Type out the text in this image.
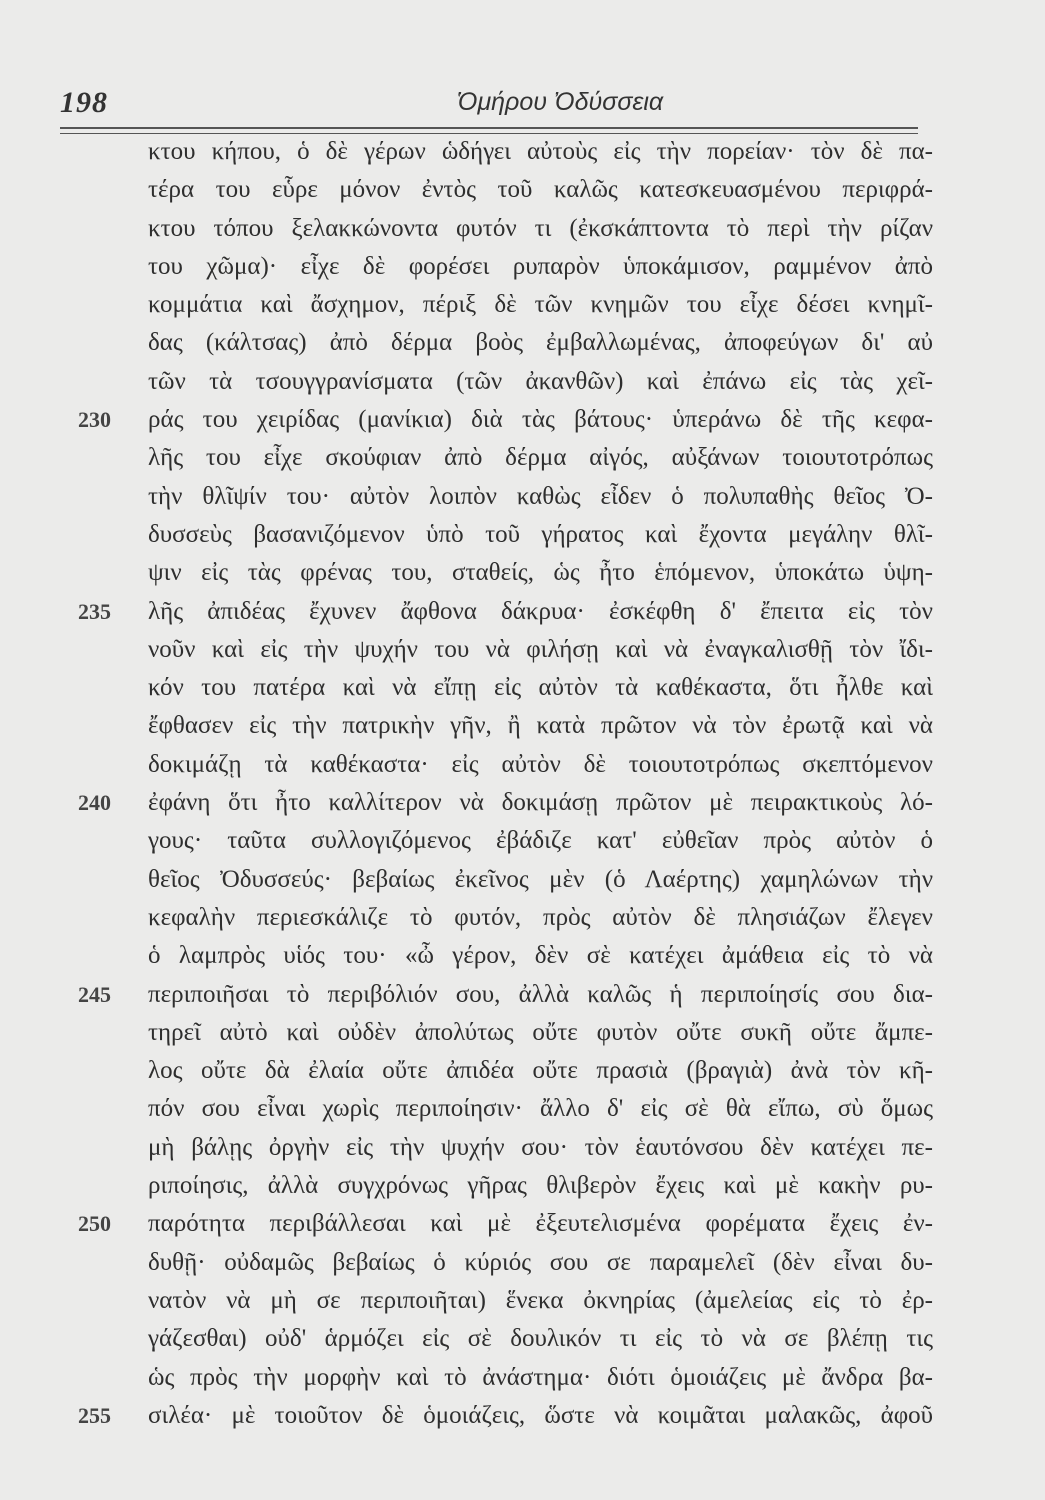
198	Ὁμήρου Ὀδύσσεια
κτου κήπου, ὁ δὲ γέρων ὡδήγει αὐτοὺς εἰς τὴν πορείαν· τὸν δὲ πα-
τέρα του εὗρε μόνον ἐντὸς τοῦ καλῶς κατεσκευασμένου περιφρά-
κτου τόπου ξελακκώνοντα φυτόν τι (ἐκσκάπτοντα τὸ περὶ τὴν ρίζαν
του χῶμα)· εἶχε δὲ φορέσει ρυπαρὸν ὑποκάμισον, ραμμένον ἀπὸ
κομμάτια καὶ ἄσχημον, πέριξ δὲ τῶν κνημῶν του εἶχε δέσει κνημῖ-
δας (κάλτσας) ἀπὸ δέρμα βοὸς ἐμβαλλωμένας, ἀποφεύγων δι' αὐ
τῶν τὰ τσουγγρανίσματα (τῶν ἀκανθῶν) καὶ ἐπάνω εἰς τὰς χεῖ-
230 ράς του χειρίδας (μανίκια) διὰ τὰς βάτους· ὑπεράνω δὲ τῆς κεφα-
λῆς του εἶχε σκούφιαν ἀπὸ δέρμα αἰγός, αὐξάνων τοιουτοτρόπως
τὴν θλῖψίν του· αὐτὸν λοιπὸν καθὼς εἶδεν ὁ πολυπαθὴς θεῖος Ὀ-
δυσσεὺς βασανιζόμενον ὑπὸ τοῦ γήρατος καὶ ἔχοντα μεγάλην θλῖ-
ψιν εἰς τὰς φρένας του, σταθείς, ὡς ἦτο ἑπόμενον, ὑποκάτω ὑψη-
235 λῆς ἀπιδέας ἔχυνεν ἄφθονα δάκρυα· ἐσκέφθη δ' ἔπειτα εἰς τὸν
νοῦν καὶ εἰς τὴν ψυχήν του νὰ φιλήσῃ καὶ νὰ ἐναγκαλισθῇ τὸν ἴδι-
κόν του πατέρα καὶ νὰ εἴπῃ εἰς αὐτὸν τὰ καθέκαστα, ὅτι ἦλθε καὶ
ἔφθασεν εἰς τὴν πατρικὴν γῆν, ἢ κατὰ πρῶτον νὰ τὸν ἐρωτᾷ καὶ νὰ
δοκιμάζῃ τὰ καθέκαστα· εἰς αὐτὸν δὲ τοιουτοτρόπως σκεπτόμενον
240 ἐφάνη ὅτι ἦτο καλλίτερον νὰ δοκιμάσῃ πρῶτον μὲ πειρακτικοὺς λό-
γους· ταῦτα συλλογιζόμενος ἐβάδιζε κατ' εὐθεῖαν πρὸς αὐτὸν ὁ
θεῖος Ὀδυσσεύς· βεβαίως ἐκεῖνος μὲν (ὁ Λαέρτης) χαμηλώνων τὴν
κεφαλὴν περιεσκάλιζε τὸ φυτόν, πρὸς αὐτὸν δὲ πλησιάζων ἔλεγεν
ὁ λαμπρὸς υἱός του· «ὦ γέρον, δὲν σὲ κατέχει ἀμάθεια εἰς τὸ νὰ
245 περιποιῆσαι τὸ περιβόλιόν σου, ἀλλὰ καλῶς ἡ περιποίησίς σου δια-
τηρεῖ αὐτὸ καὶ οὐδὲν ἀπολύτως οὔτε φυτὸν οὔτε συκῆ οὔτε ἄμπε-
λος οὔτε δὰ ἐλαία οὔτε ἀπιδέα οὔτε πρασιὰ (βραγιὰ) ἀνὰ τὸν κῆ-
πόν σου εἶναι χωρὶς περιποίησιν· ἄλλο δ' εἰς σὲ θὰ εἴπω, σὺ ὅμως
μὴ βάλῃς ὀργὴν εἰς τὴν ψυχήν σου· τὸν ἑαυτόνσου δὲν κατέχει πε-
ριποίησις, ἀλλὰ συγχρόνως γῆρας θλιβερὸν ἔχεις καὶ μὲ κακὴν ρυ-
250 παρότητα περιβάλλεσαι καὶ μὲ ἐξευτελισμένα φορέματα ἔχεις ἐν-
δυθῇ· οὐδαμῶς βεβαίως ὁ κύριός σου σε παραμελεῖ (δὲν εἶναι δυ-
νατὸν νὰ μὴ σε περιποιῆται) ἕνεκα ὀκνηρίας (ἀμελείας εἰς τὸ ἐρ-
γάζεσθαι) οὐδ' ἁρμόζει εἰς σὲ δουλικόν τι εἰς τὸ νὰ σε βλέπῃ τις
ὡς πρὸς τὴν μορφὴν καὶ τὸ ἀνάστημα· διότι ὁμοιάζεις μὲ ἄνδρα βα-
255 σιλέα· μὲ τοιοῦτον δὲ ὁμοιάζεις, ὥστε νὰ κοιμᾶται μαλακῶς, ἀφοῦ
